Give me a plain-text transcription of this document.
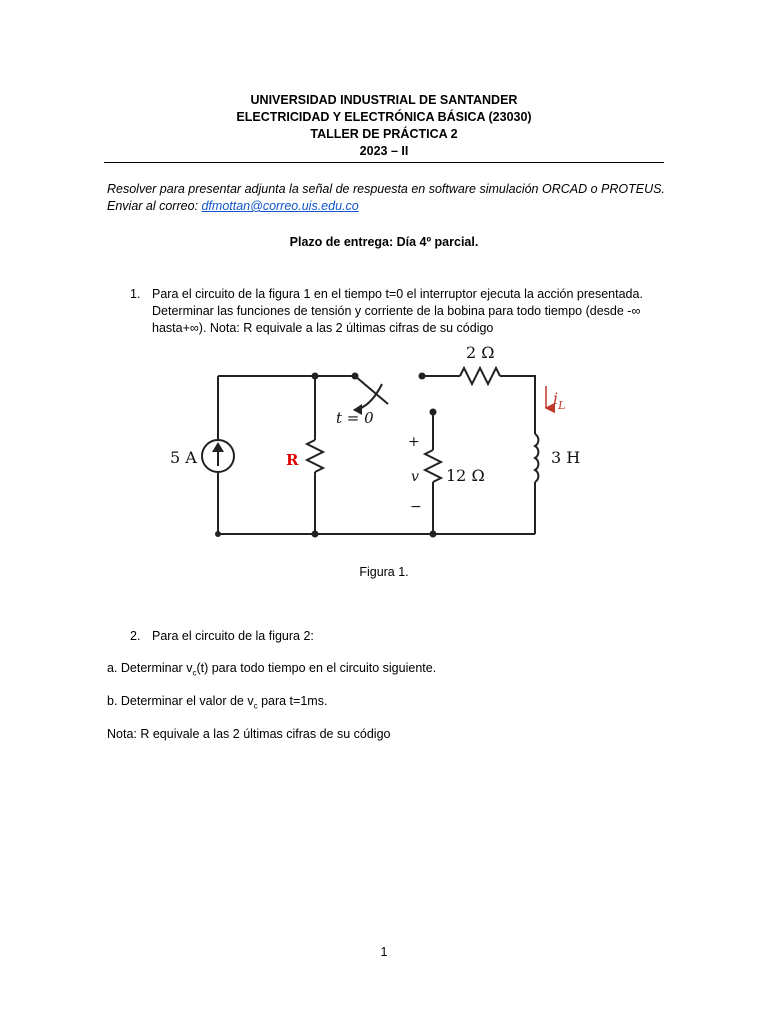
UNIVERSIDAD INDUSTRIAL DE SANTANDER
ELECTRICIDAD Y ELECTRÓNICA BÁSICA (23030)
TALLER DE PRÁCTICA 2
2023 – II
Resolver para presentar adjunta la señal de respuesta en software simulación ORCAD o PROTEUS.
Enviar al correo: dfmottan@correo.uis.edu.co
Plazo de entrega: Día 4º parcial.
1. Para el circuito de la figura 1 en el tiempo t=0 el interruptor ejecuta la acción presentada.
Determinar las funciones de tensión y corriente de la bobina para todo tiempo (desde -∞
hasta+∞). Nota: R equivale a las 2 últimas cifras de su código
5 A	R
t = 0
2 Ω
3 H
12 Ω
+
v
−
$i_L$
Figura 1.
2. Para el circuito de la figura 2:
a. Determinar $v_c(t)$ para todo tiempo en el circuito siguiente.
b. Determinar el valor de $v_c$ para t=1ms.
Nota: R equivale a las 2 últimas cifras de su código
1
